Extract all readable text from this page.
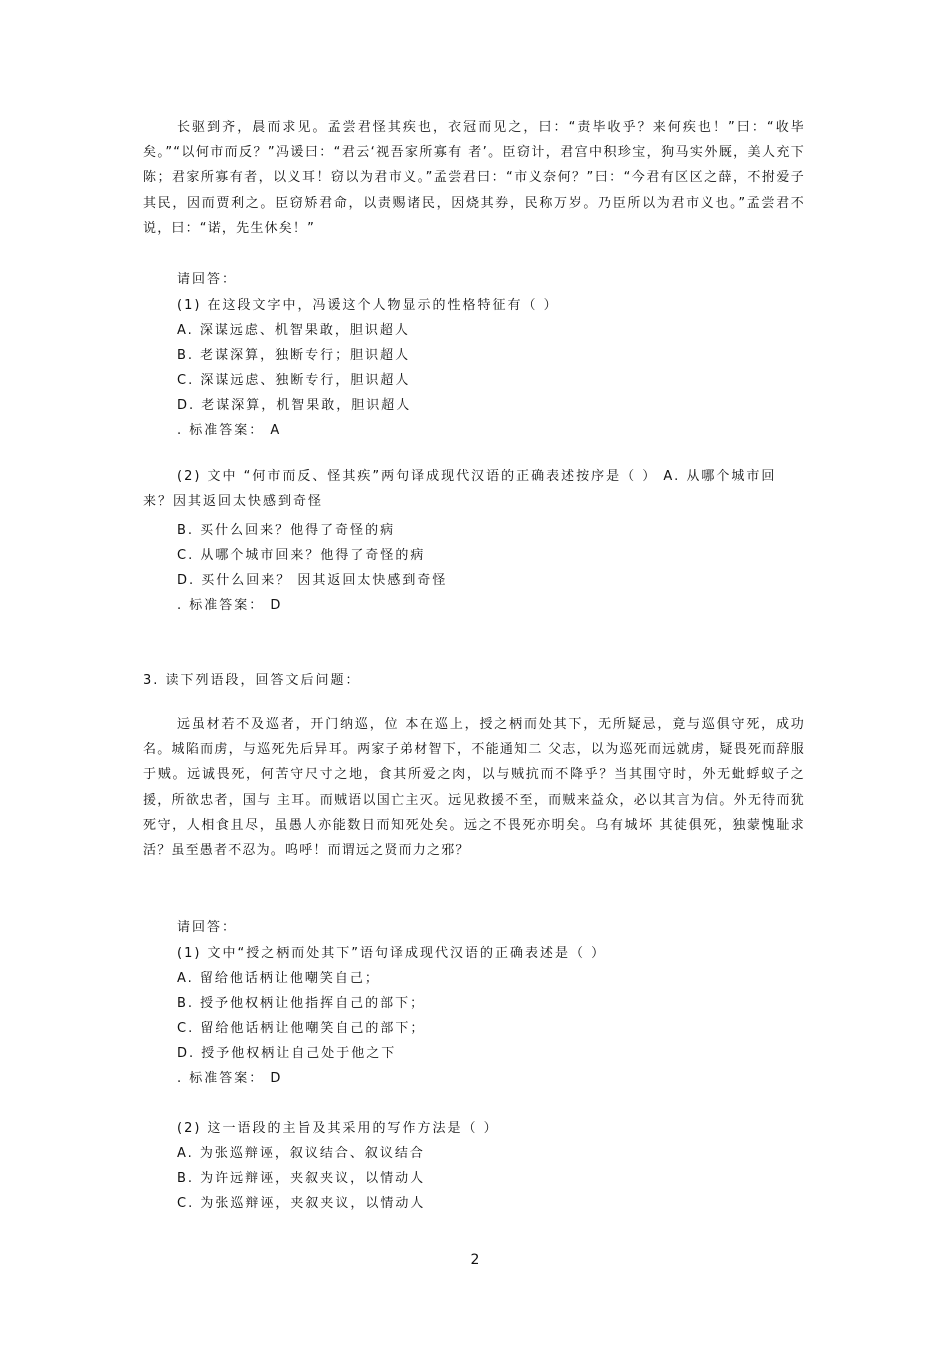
长驱到齐，晨而求见。孟尝君怪其疾也，衣冠而见之，曰：“责毕收乎？来何疾也！”曰：“收毕矣。”“以何市而反？”冯谖曰：“君云‘视吾家所寡有 者’。臣窃计，君宫中积珍宝，狗马实外厩，美人充下陈；君家所寡有者，以义耳！窃以为君市义。”孟尝君曰：“市义奈何？”曰：“今君有区区之薛，不拊爱子 其民，因而贾利之。臣窃矫君命，以责赐诸民，因烧其券，民称万岁。乃臣所以为君市义也。”孟尝君不说，曰：“诺，先生休矣！”

请回答：

(1) 在这段文字中，冯谖这个人物显示的性格特征有（ ）

A. 深谋远虑、机智果敢，胆识超人

B. 老谋深算，独断专行；胆识超人

C. 深谋远虑、独断专行，胆识超人

D. 老谋深算，机智果敢，胆识超人

. 标准答案： A

(2) 文中 “何市而反、怪其疾”两句译成现代汉语的正确表述按序是（ ） A. 从哪个城市回来？因其返回太快感到奇怪

B. 买什么回来？他得了奇怪的病

C. 从哪个城市回来？他得了奇怪的病

D. 买什么回来？ 因其返回太快感到奇怪

. 标准答案： D

3. 读下列语段，回答文后问题：

远虽材若不及巡者，开门纳巡，位 本在巡上，授之柄而处其下，无所疑忌，竟与巡俱守死，成功名。城陷而虏，与巡死先后异耳。两家子弟材智下，不能通知二 父志，以为巡死而远就虏，疑畏死而辞服于贼。远诚畏死，何苦守尺寸之地，食其所爱之肉，以与贼抗而不降乎？当其围守时，外无蚍蜉蚁子之援，所欲忠者，国与 主耳。而贼语以国亡主灭。远见救援不至，而贼来益众，必以其言为信。外无待而犹死守，人相食且尽，虽愚人亦能数日而知死处矣。远之不畏死亦明矣。乌有城坏 其徒俱死，独蒙愧耻求活？虽至愚者不忍为。呜呼！而谓远之贤而力之邪？

请回答：

(1) 文中“授之柄而处其下”语句译成现代汉语的正确表述是（ ）

A. 留给他话柄让他嘲笑自己；

B. 授予他权柄让他指挥自己的部下；

C. 留给他话柄让他嘲笑自己的部下；

D. 授予他权柄让自己处于他之下

. 标准答案： D

(2) 这一语段的主旨及其采用的写作方法是（ ）

A. 为张巡辩诬，叙议结合、叙议结合

B. 为许远辩诬，夹叙夹议，以情动人

C. 为张巡辩诬，夹叙夹议，以情动人

2
